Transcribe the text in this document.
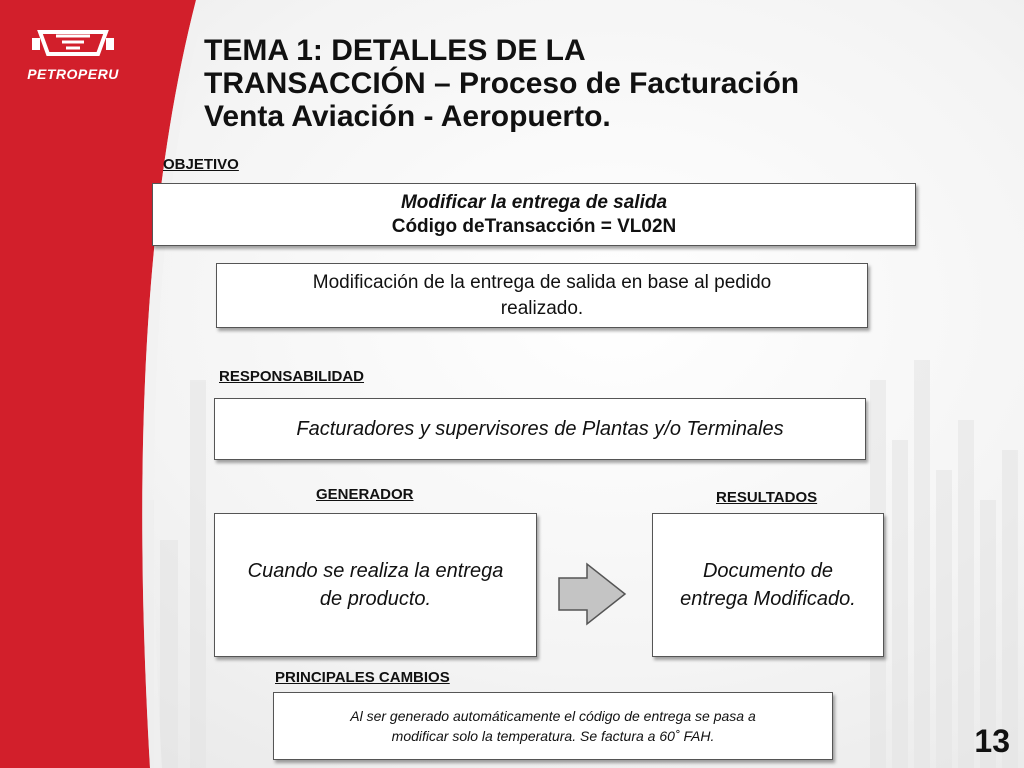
PETROPERU
TEMA 1: DETALLES DE LA
TRANSACCIÓN – Proceso de Facturación
Venta Aviación - Aeropuerto.

OBJETIVO

Modificar la entrega de salida
Código deTransacción = VL02N
Modificación de la entrega de salida en base al pedido
realizado.

RESPONSABILIDAD

Facturadores y supervisores de Plantas y/o Terminales

GENERADOR

Cuando se realiza la entrega
de producto.

RESULTADOS

Documento de
entrega Modificado.

PRINCIPALES CAMBIOS

Al ser generado automáticamente el código de entrega se pasa a
modificar solo la temperatura. Se factura a 60˚ FAH.	13
